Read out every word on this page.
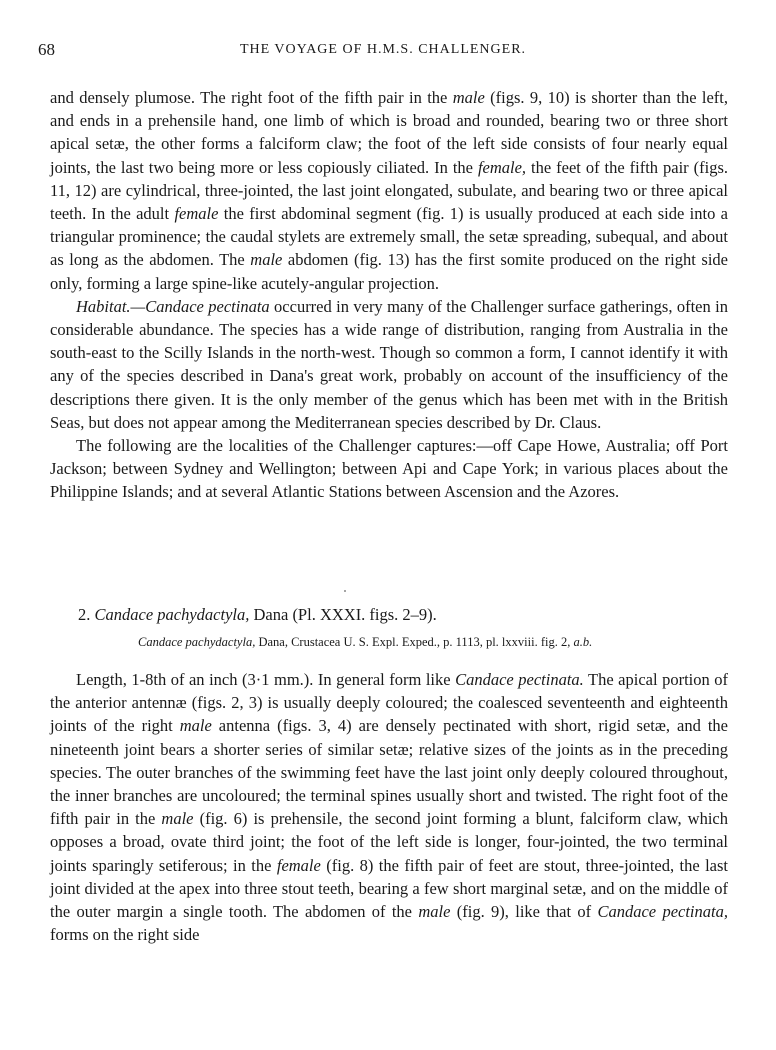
68	THE VOYAGE OF H.M.S. CHALLENGER.

and densely plumose. The right foot of the fifth pair in the male (figs. 9, 10) is shorter than the left, and ends in a prehensile hand, one limb of which is broad and rounded, bearing two or three short apical setæ, the other forms a falciform claw; the foot of the left side consists of four nearly equal joints, the last two being more or less copiously ciliated. In the female, the feet of the fifth pair (figs. 11, 12) are cylindrical, three-jointed, the last joint elongated, subulate, and bearing two or three apical teeth. In the adult female the first abdominal segment (fig. 1) is usually produced at each side into a triangular prominence; the caudal stylets are extremely small, the setæ spreading, subequal, and about as long as the abdomen. The male abdomen (fig. 13) has the first somite produced on the right side only, forming a large spine-like acutely-angular projection.

Habitat.—Candace pectinata occurred in very many of the Challenger surface gatherings, often in considerable abundance. The species has a wide range of distribution, ranging from Australia in the south-east to the Scilly Islands in the north-west. Though so common a form, I cannot identify it with any of the species described in Dana's great work, probably on account of the insufficiency of the descriptions there given. It is the only member of the genus which has been met with in the British Seas, but does not appear among the Mediterranean species described by Dr. Claus.

The following are the localities of the Challenger captures:—off Cape Howe, Australia; off Port Jackson; between Sydney and Wellington; between Api and Cape York; in various places about the Philippine Islands; and at several Atlantic Stations between Ascension and the Azores.

2. Candace pachydactyla, Dana (Pl. XXXI. figs. 2–9).
Candace pachydactyla, Dana, Crustacea U. S. Expl. Exped., p. 1113, pl. lxxviii. fig. 2, a.b.

Length, 1-8th of an inch (3·1 mm.). In general form like Candace pectinata. The apical portion of the anterior antennæ (figs. 2, 3) is usually deeply coloured; the coalesced seventeenth and eighteenth joints of the right male antenna (figs. 3, 4) are densely pectinated with short, rigid setæ, and the nineteenth joint bears a shorter series of similar setæ; relative sizes of the joints as in the preceding species. The outer branches of the swimming feet have the last joint only deeply coloured throughout, the inner branches are uncoloured; the terminal spines usually short and twisted. The right foot of the fifth pair in the male (fig. 6) is prehensile, the second joint forming a blunt, falciform claw, which opposes a broad, ovate third joint; the foot of the left side is longer, four-jointed, the two terminal joints sparingly setiferous; in the female (fig. 8) the fifth pair of feet are stout, three-jointed, the last joint divided at the apex into three stout teeth, bearing a few short marginal setæ, and on the middle of the outer margin a single tooth. The abdomen of the male (fig. 9), like that of Candace pectinata, forms on the right side
